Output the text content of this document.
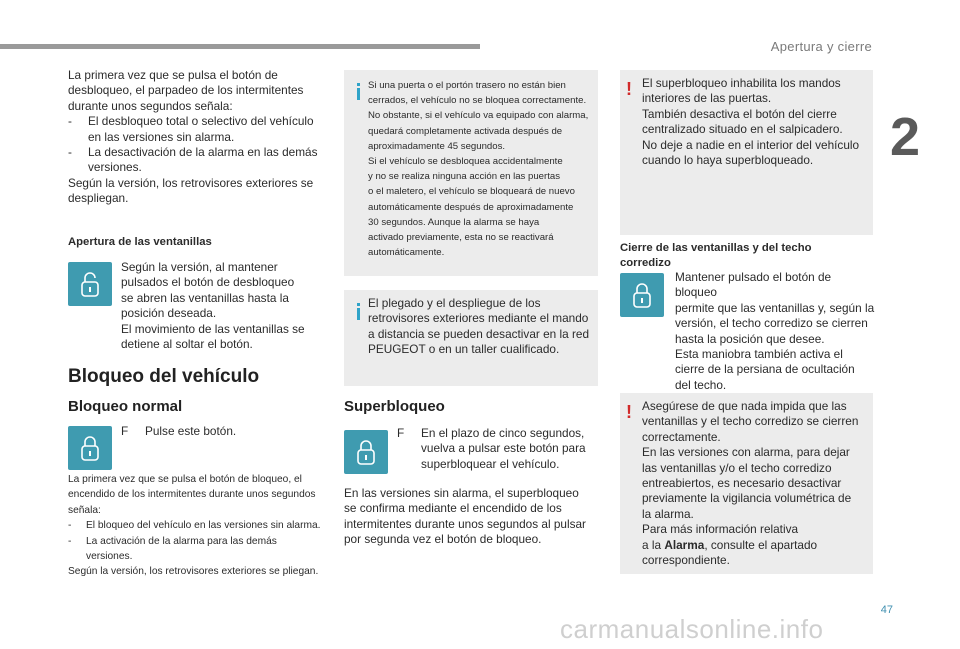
Apertura y cierre
2

La primera vez que se pulsa el botón de

desbloqueo, el parpadeo de los intermitentes

durante unos segundos señala:

-	El desbloqueo total o selectivo del vehículo

en las versiones sin alarma.

-	La desactivación de la alarma en las demás

versiones.

Según la versión, los retrovisores exteriores se

despliegan.

Apertura de las ventanillas

Según la versión, al mantener

pulsados el botón de desbloqueo

se abren las ventanillas hasta la

posición deseada.

El movimiento de las ventanillas se

detiene al soltar el botón.

Bloqueo del vehículo
Bloqueo normal
F Pulse este botón.

La primera vez que se pulsa el botón de bloqueo, el

encendido de los intermitentes durante unos segundos

señala:

-	El bloqueo del vehículo en las versiones sin alarma.

-	La activación de la alarma para las demás

versiones.

Según la versión, los retrovisores exteriores se pliegan.

Si una puerta o el portón trasero no están bien

cerrados, el vehículo no se bloquea correctamente.

No obstante, si el vehículo va equipado con alarma,

quedará completamente activada después de

aproximadamente 45 segundos.

Si el vehículo se desbloquea accidentalmente

y no se realiza ninguna acción en las puertas

o el maletero, el vehículo se bloqueará de nuevo

automáticamente después de aproximadamente

30 segundos. Aunque la alarma se haya

activado previamente, esta no se reactivará

automáticamente.

El plegado y el despliegue de los

retrovisores exteriores mediante el mando

a distancia se pueden desactivar en la red

PEUGEOT o en un taller cualificado.

Superbloqueo
F	En el plazo de cinco segundos,

vuelva a pulsar este botón para

superbloquear el vehículo.

En las versiones sin alarma, el superbloqueo

se confirma mediante el encendido de los

intermitentes durante unos segundos al pulsar

por segunda vez el botón de bloqueo.

! El superbloqueo inhabilita los mandos

interiores de las puertas.

También desactiva el botón del cierre

centralizado situado en el salpicadero.

No deje a nadie en el interior del vehículo

cuando lo haya superbloqueado.

Cierre de las ventanillas y del techo

corredizo

Mantener pulsado el botón de bloqueo

permite que las ventanillas y, según la

versión, el techo corredizo se cierren

hasta la posición que desee.

Esta maniobra también activa el

cierre de la persiana de ocultación

del techo.

! Asegúrese de que nada impida que las

ventanillas y el techo corredizo se cierren

correctamente.

En las versiones con alarma, para dejar

las ventanillas y/o el techo corredizo

entreabiertos, es necesario desactivar

previamente la vigilancia volumétrica de

la alarma.

Para más información relativa

a la Alarma, consulte el apartado

correspondiente.

47
carmanualsonline.info
